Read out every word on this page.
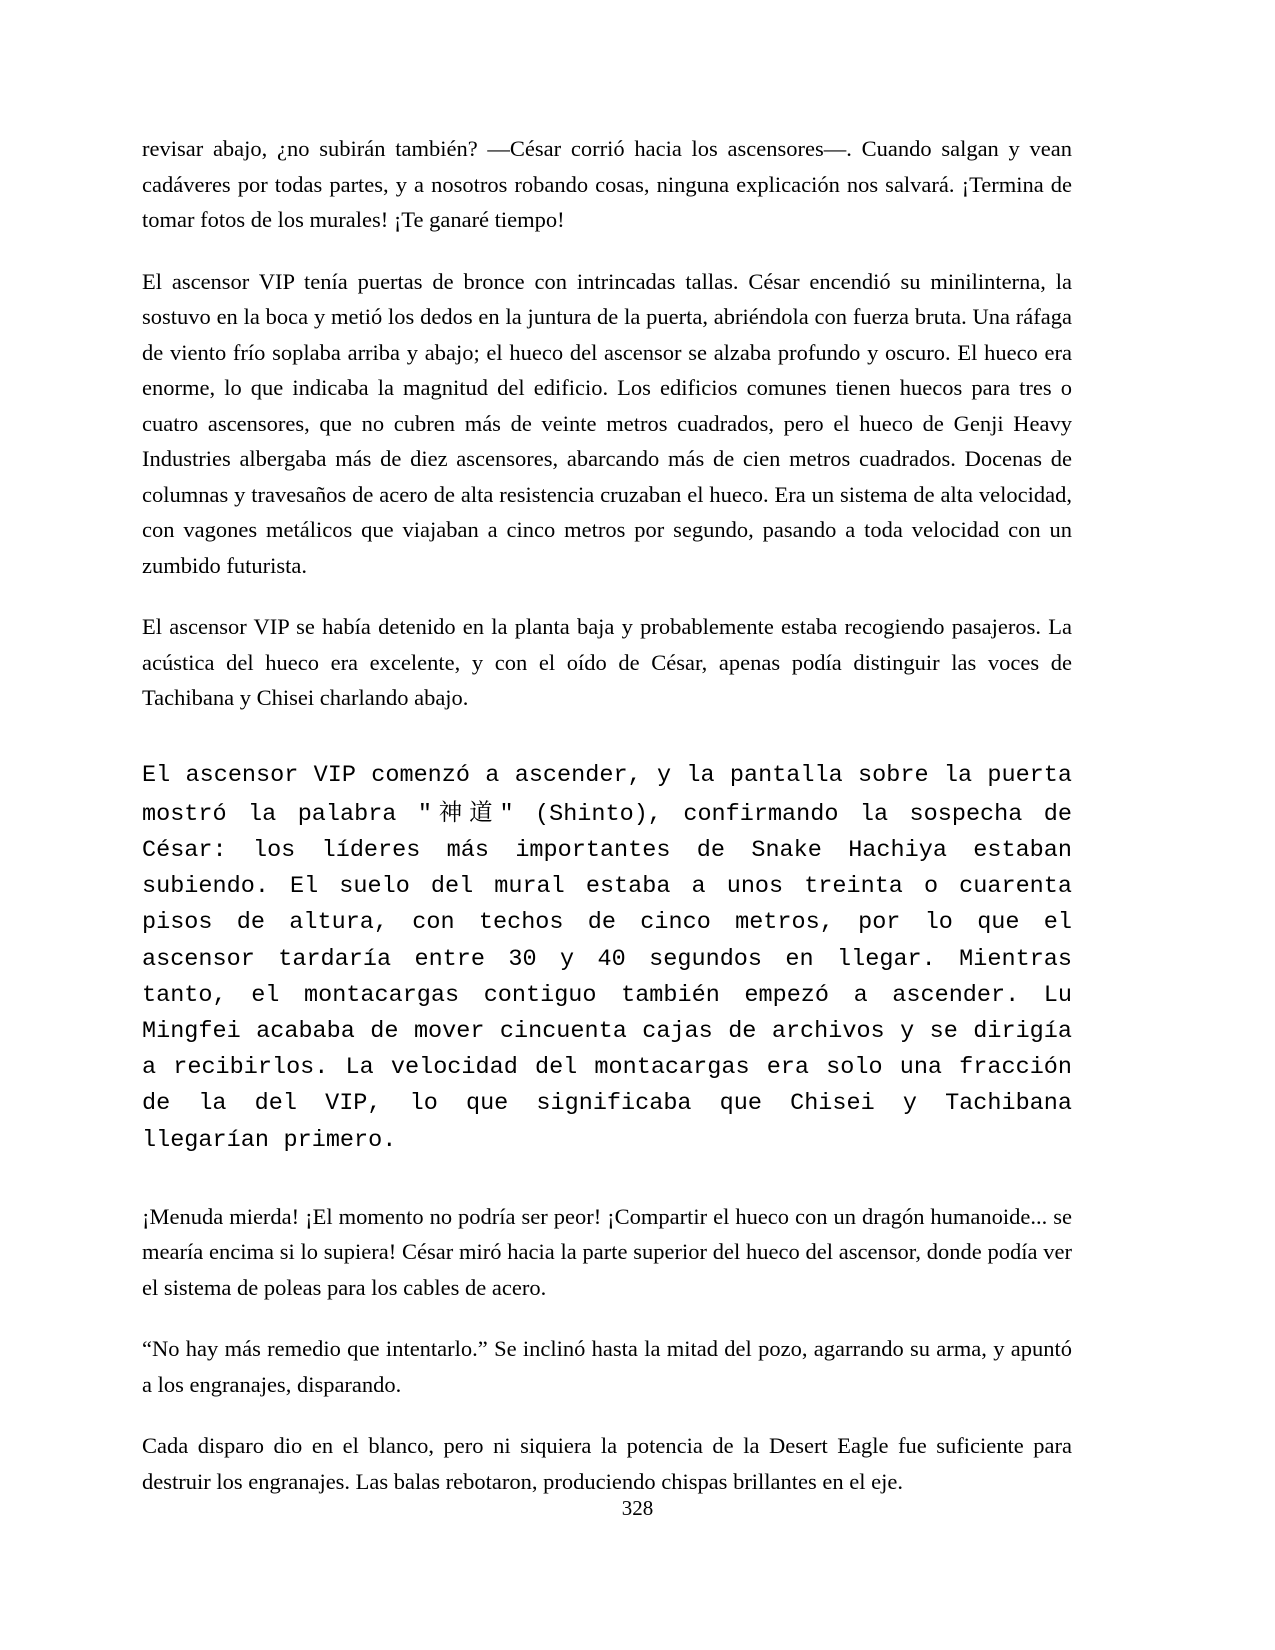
revisar abajo, ¿no subirán también? —César corrió hacia los ascensores—. Cuando salgan y vean cadáveres por todas partes, y a nosotros robando cosas, ninguna explicación nos salvará. ¡Termina de tomar fotos de los murales! ¡Te ganaré tiempo!

El ascensor VIP tenía puertas de bronce con intrincadas tallas. César encendió su minilinterna, la sostuvo en la boca y metió los dedos en la juntura de la puerta, abriéndola con fuerza bruta. Una ráfaga de viento frío soplaba arriba y abajo; el hueco del ascensor se alzaba profundo y oscuro. El hueco era enorme, lo que indicaba la magnitud del edificio. Los edificios comunes tienen huecos para tres o cuatro ascensores, que no cubren más de veinte metros cuadrados, pero el hueco de Genji Heavy Industries albergaba más de diez ascensores, abarcando más de cien metros cuadrados. Docenas de columnas y travesaños de acero de alta resistencia cruzaban el hueco. Era un sistema de alta velocidad, con vagones metálicos que viajaban a cinco metros por segundo, pasando a toda velocidad con un zumbido futurista.

El ascensor VIP se había detenido en la planta baja y probablemente estaba recogiendo pasajeros. La acústica del hueco era excelente, y con el oído de César, apenas podía distinguir las voces de Tachibana y Chisei charlando abajo.

El ascensor VIP comenzó a ascender, y la pantalla sobre la puerta mostró la palabra "神道" (Shinto), confirmando la sospecha de César: los líderes más importantes de Snake Hachiya estaban subiendo. El suelo del mural estaba a unos treinta o cuarenta pisos de altura, con techos de cinco metros, por lo que el ascensor tardaría entre 30 y 40 segundos en llegar. Mientras tanto, el montacargas contiguo también empezó a ascender. Lu Mingfei acababa de mover cincuenta cajas de archivos y se dirigía a recibirlos. La velocidad del montacargas era solo una fracción de la del VIP, lo que significaba que Chisei y Tachibana llegarían primero.

¡Menuda mierda! ¡El momento no podría ser peor! ¡Compartir el hueco con un dragón humanoide... se mearía encima si lo supiera! César miró hacia la parte superior del hueco del ascensor, donde podía ver el sistema de poleas para los cables de acero.

“No hay más remedio que intentarlo.” Se inclinó hasta la mitad del pozo, agarrando su arma, y apuntó a los engranajes, disparando.

Cada disparo dio en el blanco, pero ni siquiera la potencia de la Desert Eagle fue suficiente para destruir los engranajes. Las balas rebotaron, produciendo chispas brillantes en el eje.

328
